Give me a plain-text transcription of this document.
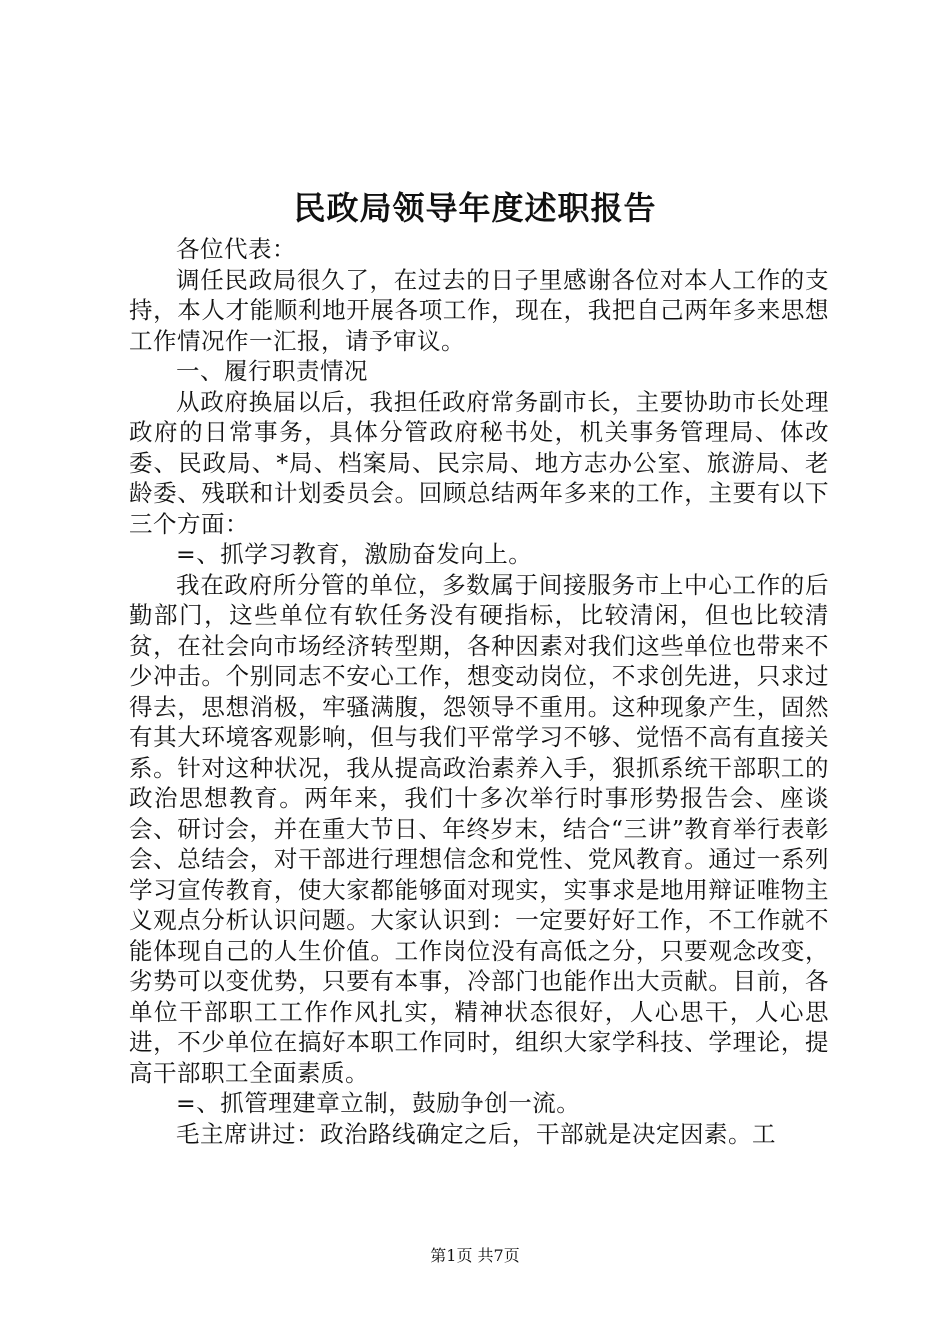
民政局领导年度述职报告

各位代表：

调任民政局很久了，在过去的日子里感谢各位对本人工作的支持，本人才能顺利地开展各项工作，现在，我把自己两年多来思想工作情况作一汇报，请予审议。

一、履行职责情况

从政府换届以后，我担任政府常务副市长，主要协助市长处理政府的日常事务，具体分管政府秘书处，机关事务管理局、体改委、民政局、*局、档案局、民宗局、地方志办公室、旅游局、老龄委、残联和计划委员会。回顾总结两年多来的工作，主要有以下三个方面：

=、抓学习教育，激励奋发向上。

我在政府所分管的单位，多数属于间接服务市上中心工作的后勤部门，这些单位有软任务没有硬指标，比较清闲，但也比较清贫，在社会向市场经济转型期，各种因素对我们这些单位也带来不少冲击。个别同志不安心工作，想变动岗位，不求创先进，只求过得去，思想消极，牢骚满腹，怨领导不重用。这种现象产生，固然有其大环境客观影响，但与我们平常学习不够、觉悟不高有直接关系。针对这种状况，我从提高政治素养入手，狠抓系统干部职工的政治思想教育。两年来，我们十多次举行时事形势报告会、座谈会、研讨会，并在重大节日、年终岁末，结合“三讲”教育举行表彰会、总结会，对干部进行理想信念和党性、党风教育。通过一系列学习宣传教育，使大家都能够面对现实，实事求是地用辩证唯物主义观点分析认识问题。大家认识到：一定要好好工作，不工作就不能体现自己的人生价值。工作岗位没有高低之分，只要观念改变，劣势可以变优势，只要有本事，冷部门也能作出大贡献。目前，各单位干部职工工作作风扎实，精神状态很好，人心思干，人心思进，不少单位在搞好本职工作同时，组织大家学科技、学理论，提高干部职工全面素质。

=、抓管理建章立制，鼓励争创一流。

毛主席讲过：政治路线确定之后，干部就是决定因素。工

第1页 共7页
